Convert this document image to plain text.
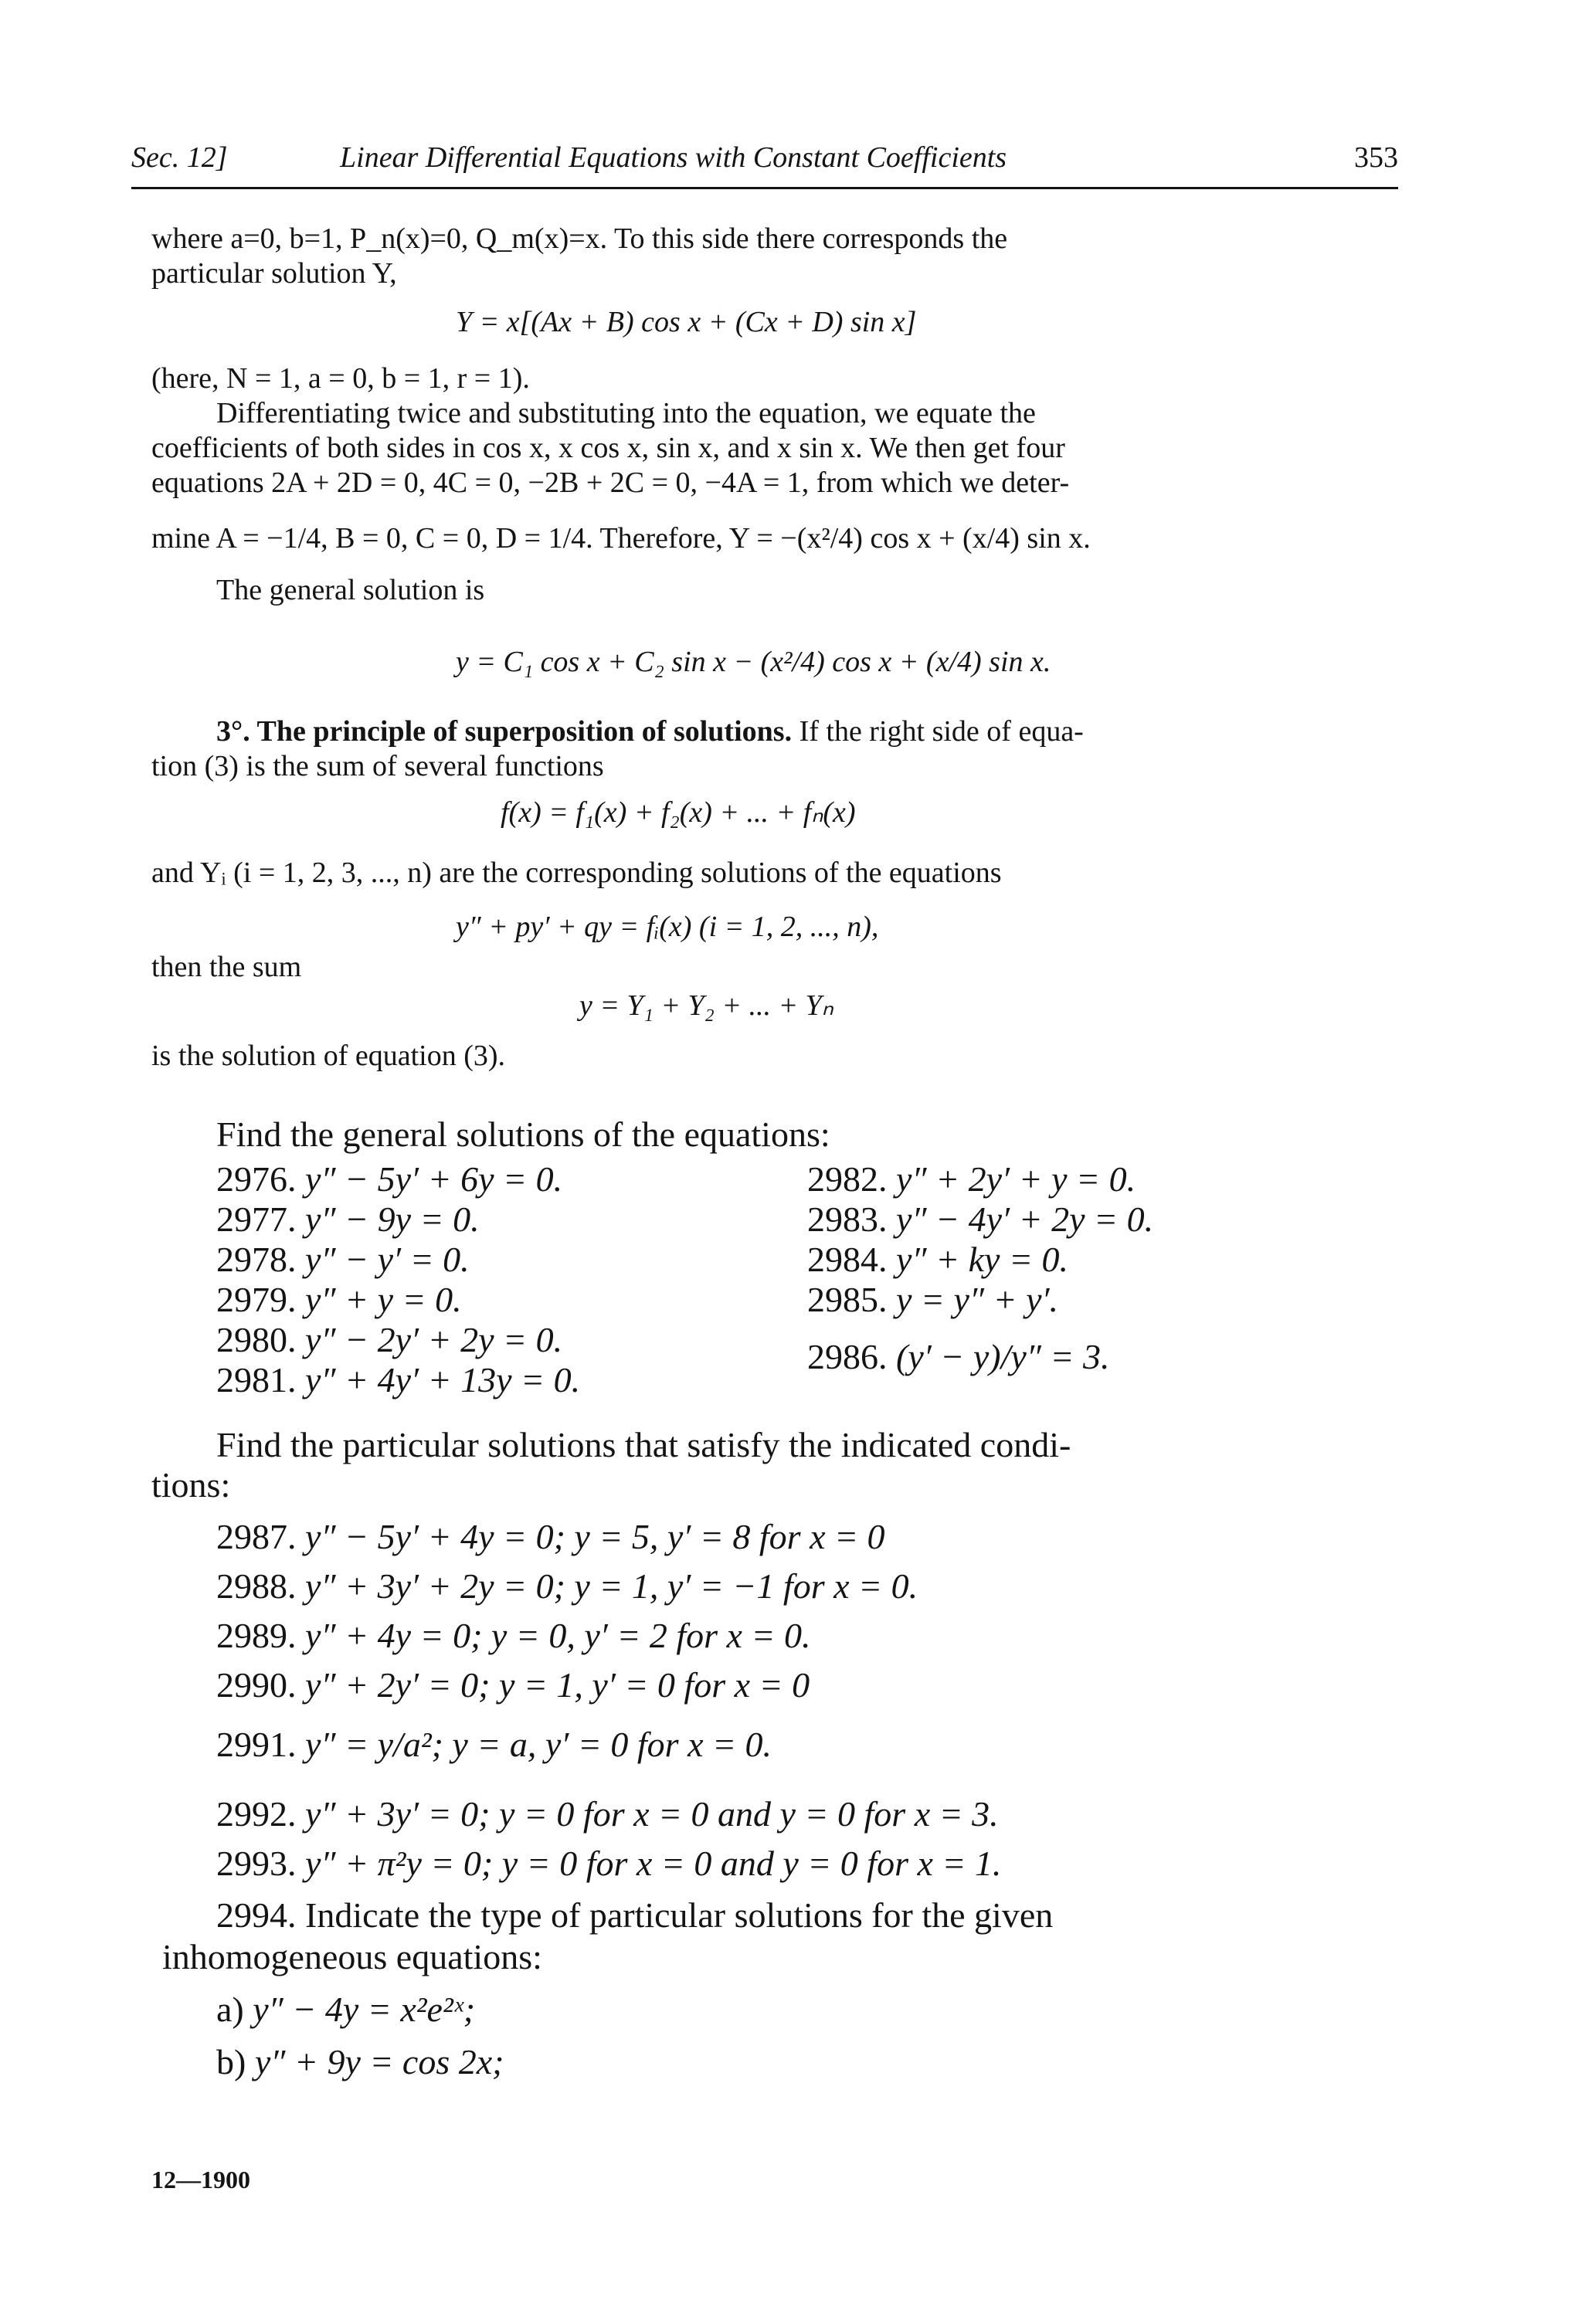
Sec. 12]	Linear Differential Equations with Constant Coefficients	353
where a=0, b=1, P_n(x)=0, Q_m(x)=x. To this side there corresponds the
particular solution Y,
Y = x[(Ax + B) cos x + (Cx + D) sin x]
(here, N = 1, a = 0, b = 1, r = 1).
Differentiating twice and substituting into the equation, we equate the
coefficients of both sides in cos x, x cos x, sin x, and x sin x. We then get four
equations 2A + 2D = 0, 4C = 0, −2B + 2C = 0, −4A = 1, from which we deter-
mine A = −1/4, B = 0, C = 0, D = 1/4. Therefore, Y = −(x²/4) cos x + (x/4) sin x.
The general solution is
y = C₁ cos x + C₂ sin x − (x²/4) cos x + (x/4) sin x.
3°. The principle of superposition of solutions. If the right side of equa-
tion (3) is the sum of several functions
f(x) = f₁(x) + f₂(x) + ... + fₙ(x)
and Yᵢ (i = 1, 2, 3, ..., n) are the corresponding solutions of the equations
y″ + py′ + qy = fᵢ(x) (i = 1, 2, ..., n),
then the sum
y = Y₁ + Y₂ + ... + Yₙ
is the solution of equation (3).
Find the general solutions of the equations:
2976. y″ − 5y′ + 6y = 0.
2977. y″ − 9y = 0.
2978. y″ − y′ = 0.
2979. y″ + y = 0.
2980. y″ − 2y′ + 2y = 0.
2981. y″ + 4y′ + 13y = 0.
2982. y″ + 2y′ + y = 0.
2983. y″ − 4y′ + 2y = 0.
2984. y″ + ky = 0.
2985. y = y″ + y′.
2986. (y′ − y)/y″ = 3.
Find the particular solutions that satisfy the indicated condi-
tions:
2987. y″ − 5y′ + 4y = 0; y = 5, y′ = 8 for x = 0
2988. y″ + 3y′ + 2y = 0; y = 1, y′ = −1 for x = 0.
2989. y″ + 4y = 0; y = 0, y′ = 2 for x = 0.
2990. y″ + 2y′ = 0; y = 1, y′ = 0 for x = 0
2991. y″ = y/a²; y = a, y′ = 0 for x = 0.
2992. y″ + 3y′ = 0; y = 0 for x = 0 and y = 0 for x = 3.
2993. y″ + π²y = 0; y = 0 for x = 0 and y = 0 for x = 1.
2994. Indicate the type of particular solutions for the given
inhomogeneous equations:
a) y″ − 4y = x²e²ˣ;
b) y″ + 9y = cos 2x;
12—1900
